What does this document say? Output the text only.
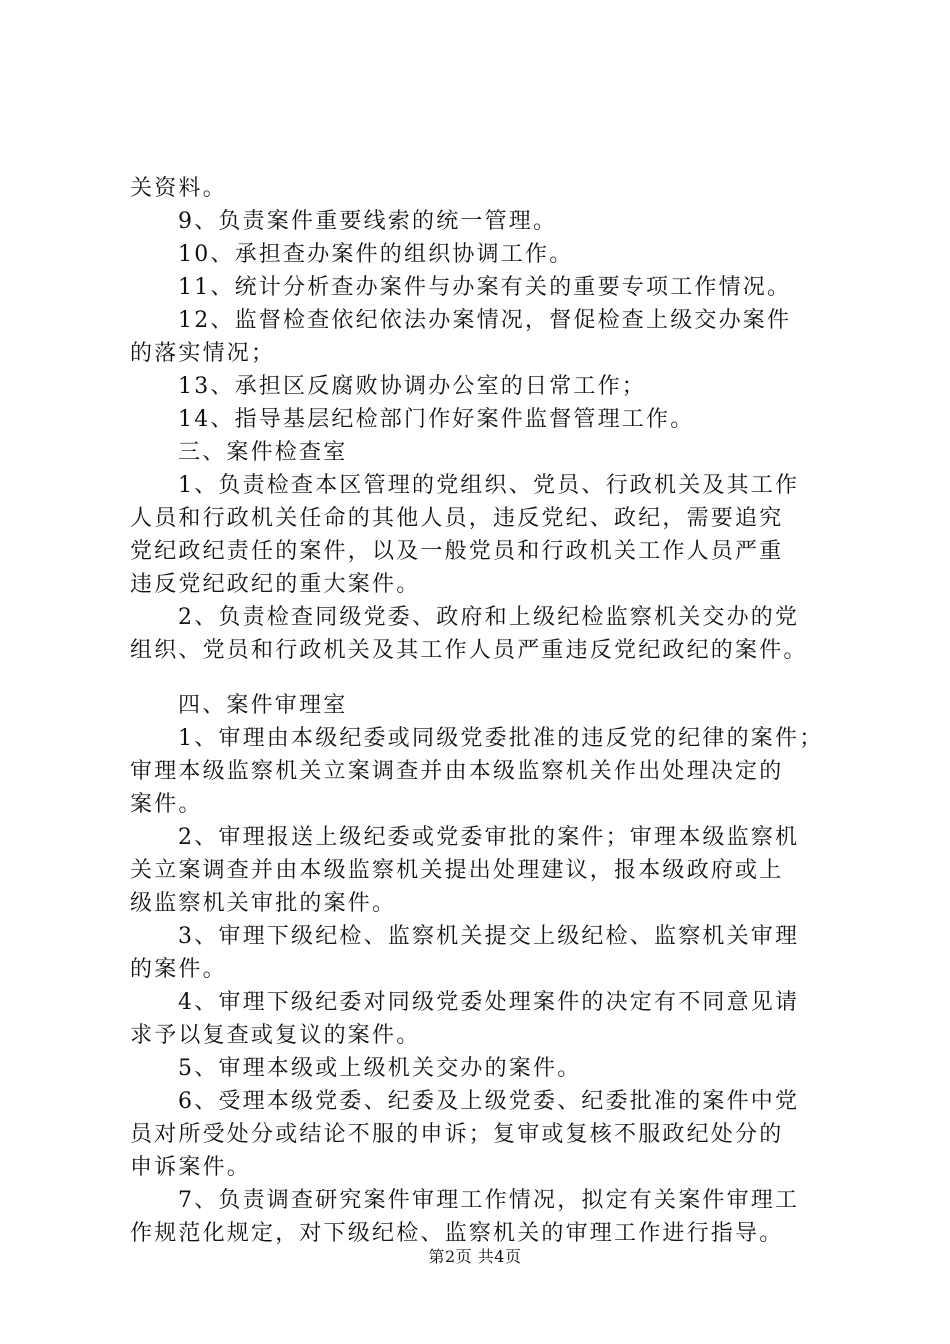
关资料。
9、负责案件重要线索的统一管理。
10、承担查办案件的组织协调工作。
11、统计分析查办案件与办案有关的重要专项工作情况。
12、监督检查依纪依法办案情况，督促检查上级交办案件
的落实情况；
13、承担区反腐败协调办公室的日常工作；
14、指导基层纪检部门作好案件监督管理工作。
三、案件检查室
1、负责检查本区管理的党组织、党员、行政机关及其工作
人员和行政机关任命的其他人员，违反党纪、政纪，需要追究
党纪政纪责任的案件，以及一般党员和行政机关工作人员严重
违反党纪政纪的重大案件。
2、负责检查同级党委、政府和上级纪检监察机关交办的党
组织、党员和行政机关及其工作人员严重违反党纪政纪的案件。
四、案件审理室
1、审理由本级纪委或同级党委批准的违反党的纪律的案件；
审理本级监察机关立案调查并由本级监察机关作出处理决定的
案件。
2、审理报送上级纪委或党委审批的案件；审理本级监察机
关立案调查并由本级监察机关提出处理建议，报本级政府或上
级监察机关审批的案件。
3、审理下级纪检、监察机关提交上级纪检、监察机关审理
的案件。
4、审理下级纪委对同级党委处理案件的决定有不同意见请
求予以复查或复议的案件。
5、审理本级或上级机关交办的案件。
6、受理本级党委、纪委及上级党委、纪委批准的案件中党
员对所受处分或结论不服的申诉；复审或复核不服政纪处分的
申诉案件。
7、负责调查研究案件审理工作情况，拟定有关案件审理工
作规范化规定，对下级纪检、监察机关的审理工作进行指导。
第2页 共4页
